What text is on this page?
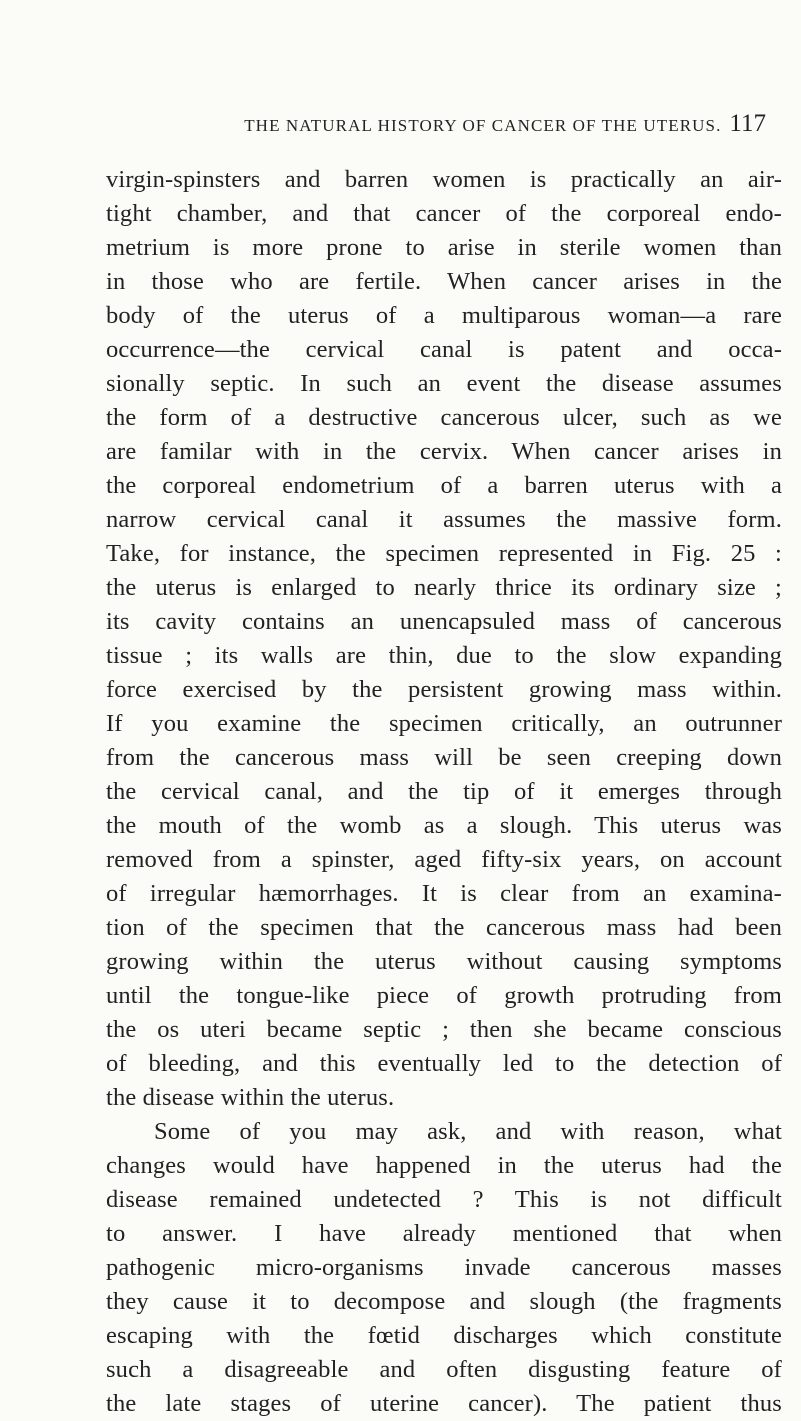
THE NATURAL HISTORY OF CANCER OF THE UTERUS. 117
virgin-spinsters and barren women is practically an air-
tight chamber, and that cancer of the corporeal endo-
metrium is more prone to arise in sterile women than
in those who are fertile. When cancer arises in the
body of the uterus of a multiparous woman—a rare
occurrence—the cervical canal is patent and occa-
sionally septic. In such an event the disease assumes
the form of a destructive cancerous ulcer, such as we
are familar with in the cervix. When cancer arises in
the corporeal endometrium of a barren uterus with a
narrow cervical canal it assumes the massive form.
Take, for instance, the specimen represented in Fig. 25 :
the uterus is enlarged to nearly thrice its ordinary size ;
its cavity contains an unencapsuled mass of cancerous
tissue ; its walls are thin, due to the slow expanding
force exercised by the persistent growing mass within.
If you examine the specimen critically, an outrunner
from the cancerous mass will be seen creeping down
the cervical canal, and the tip of it emerges through
the mouth of the womb as a slough. This uterus was
removed from a spinster, aged fifty-six years, on account
of irregular hæmorrhages. It is clear from an examina-
tion of the specimen that the cancerous mass had been
growing within the uterus without causing symptoms
until the tongue-like piece of growth protruding from
the os uteri became septic ; then she became conscious
of bleeding, and this eventually led to the detection of
the disease within the uterus.
Some of you may ask, and with reason, what
changes would have happened in the uterus had the
disease remained undetected ? This is not difficult
to answer. I have already mentioned that when
pathogenic micro-organisms invade cancerous masses
they cause it to decompose and slough (the fragments
escaping with the fœtid discharges which constitute
such a disagreeable and often disgusting feature of
the late stages of uterine cancer). The patient thus
